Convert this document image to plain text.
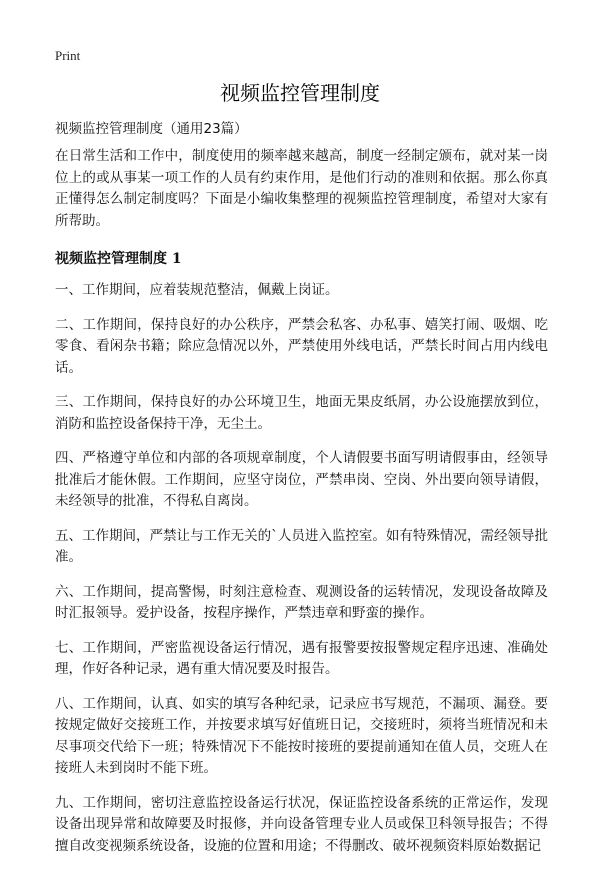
Print
视频监控管理制度

视频监控管理制度（通用23篇）

在日常生活和工作中，制度使用的频率越来越高，制度一经制定颁布，就对某一岗位上的或从事某一项工作的人员有约束作用，是他们行动的准则和依据。那么你真正懂得怎么制定制度吗？下面是小编收集整理的视频监控管理制度，希望对大家有所帮助。

视频监控管理制度 1

一、工作期间，应着装规范整洁，佩戴上岗证。

二、工作期间，保持良好的办公秩序，严禁会私客、办私事、嬉笑打闹、吸烟、吃零食、看闲杂书籍；除应急情况以外，严禁使用外线电话，严禁长时间占用内线电话。

三、工作期间，保持良好的办公环境卫生，地面无果皮纸屑，办公设施摆放到位，消防和监控设备保持干净，无尘土。

四、严格遵守单位和内部的各项规章制度，个人请假要书面写明请假事由，经领导批准后才能休假。工作期间，应坚守岗位，严禁串岗、空岗、外出要向领导请假，未经领导的批准，不得私自离岗。

五、工作期间，严禁让与工作无关的`人员进入监控室。如有特殊情况，需经领导批准。

六、工作期间，提高警惕，时刻注意检查、观测设备的运转情况，发现设备故障及时汇报领导。爱护设备，按程序操作，严禁违章和野蛮的操作。

七、工作期间，严密监视设备运行情况，遇有报警要按报警规定程序迅速、准确处理，作好各种记录，遇有重大情况要及时报告。

八、工作期间，认真、如实的填写各种纪录，记录应书写规范，不漏项、漏登。要按规定做好交接班工作，并按要求填写好值班日记，交接班时，须将当班情况和未尽事项交代给下一班；特殊情况下不能按时接班的要提前通知在值人员，交班人在接班人未到岗时不能下班。

九、工作期间，密切注意监控设备运行状况，保证监控设备系统的正常运作，发现设备出现异常和故障要及时报修，并向设备管理专业人员或保卫科领导报告；不得擅自改变视频系统设备，设施的位置和用途；不得删改、破坏视频资料原始数据记
